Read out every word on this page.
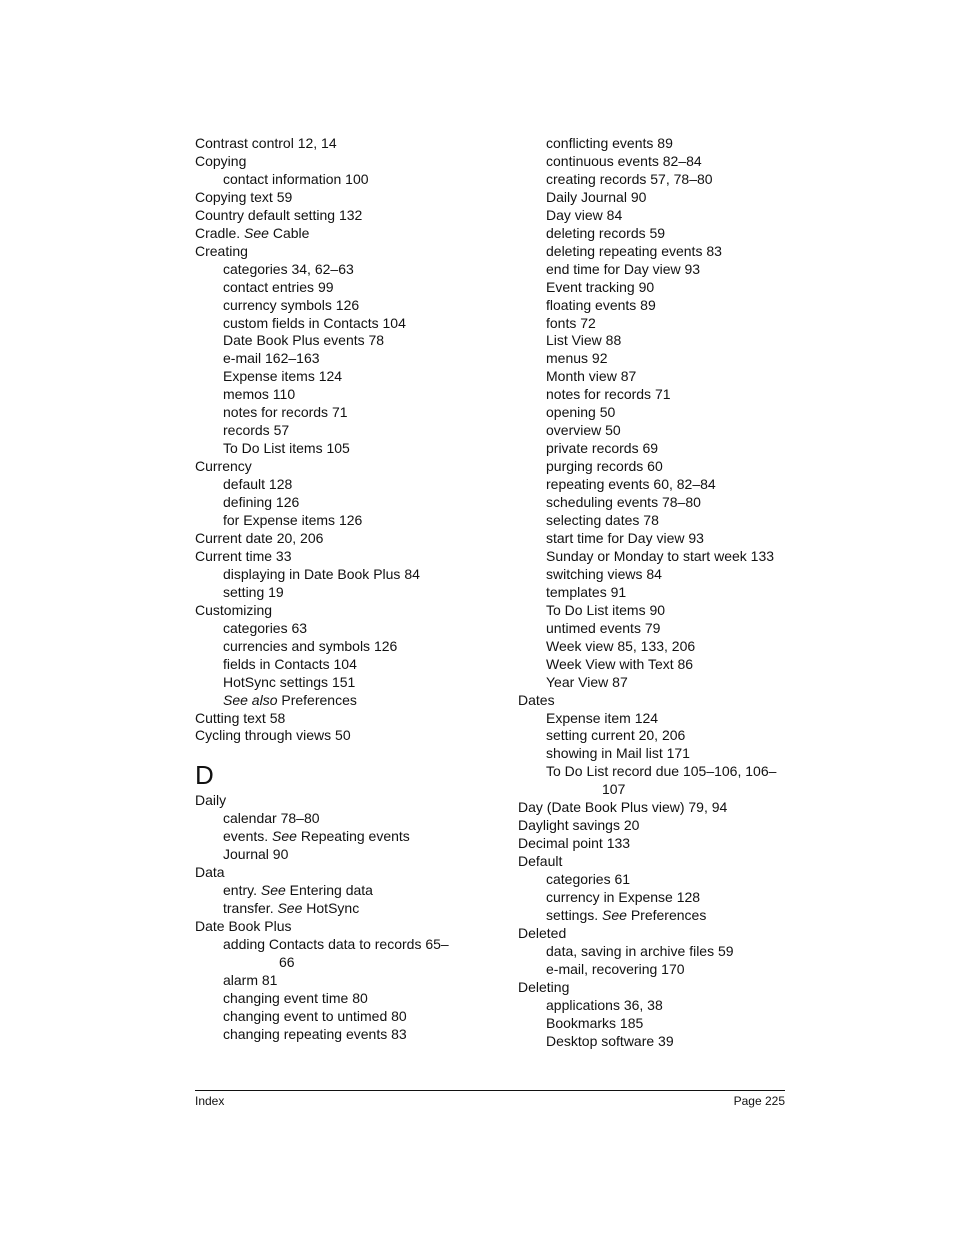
Contrast control 12, 14
Copying
contact information 100
Copying text 59
Country default setting 132
Cradle. See Cable
Creating
categories 34, 62–63
contact entries 99
currency symbols 126
custom fields in Contacts 104
Date Book Plus events 78
e-mail 162–163
Expense items 124
memos 110
notes for records 71
records 57
To Do List items 105
Currency
default 128
defining 126
for Expense items 126
Current date 20, 206
Current time 33
displaying in Date Book Plus 84
setting 19
Customizing
categories 63
currencies and symbols 126
fields in Contacts 104
HotSync settings 151
See also Preferences
Cutting text 58
Cycling through views 50
D
Daily
calendar 78–80
events. See Repeating events
Journal 90
Data
entry. See Entering data
transfer. See HotSync
Date Book Plus
adding Contacts data to records 65–
66
alarm 81
changing event time 80
changing event to untimed 80
changing repeating events 83
conflicting events 89
continuous events 82–84
creating records 57, 78–80
Daily Journal 90
Day view 84
deleting records 59
deleting repeating events 83
end time for Day view 93
Event tracking 90
floating events 89
fonts 72
List View 88
menus 92
Month view 87
notes for records 71
opening 50
overview 50
private records 69
purging records 60
repeating events 60, 82–84
scheduling events 78–80
selecting dates 78
start time for Day view 93
Sunday or Monday to start week 133
switching views 84
templates 91
To Do List items 90
untimed events 79
Week view 85, 133, 206
Week View with Text 86
Year View 87
Dates
Expense item 124
setting current 20, 206
showing in Mail list 171
To Do List record due 105–106, 106–
107
Day (Date Book Plus view) 79, 94
Daylight savings 20
Decimal point 133
Default
categories 61
currency in Expense 128
settings. See Preferences
Deleted
data, saving in archive files 59
e-mail, recovering 170
Deleting
applications 36, 38
Bookmarks 185
Desktop software 39
Index	Page 225
